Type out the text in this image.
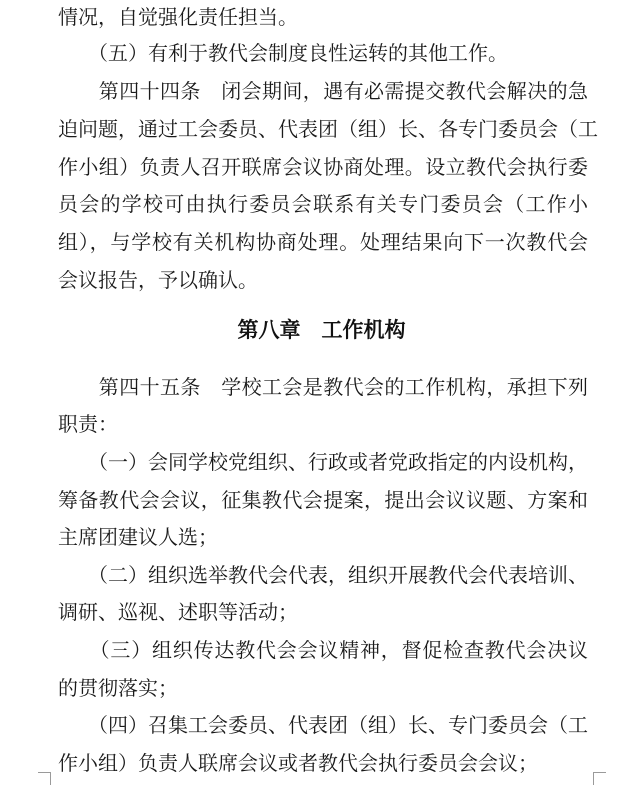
情况，自觉强化责任担当。
　　（五）有利于教代会制度良性运转的其他工作。
　　第四十四条　闭会期间，遇有必需提交教代会解决的急
迫问题，通过工会委员、代表团（组）长、各专门委员会（工
作小组）负责人召开联席会议协商处理。设立教代会执行委
员会的学校可由执行委员会联系有关专门委员会（工作小
组），与学校有关机构协商处理。处理结果向下一次教代会
会议报告，予以确认。
第八章　工作机构
　　第四十五条　学校工会是教代会的工作机构，承担下列
职责：
　　（一）会同学校党组织、行政或者党政指定的内设机构，
筹备教代会会议，征集教代会提案，提出会议议题、方案和
主席团建议人选；
　　（二）组织选举教代会代表，组织开展教代会代表培训、
调研、巡视、述职等活动；
　　（三）组织传达教代会会议精神，督促检查教代会决议
的贯彻落实；
　　（四）召集工会委员、代表团（组）长、专门委员会（工
作小组）负责人联席会议或者教代会执行委员会会议；
